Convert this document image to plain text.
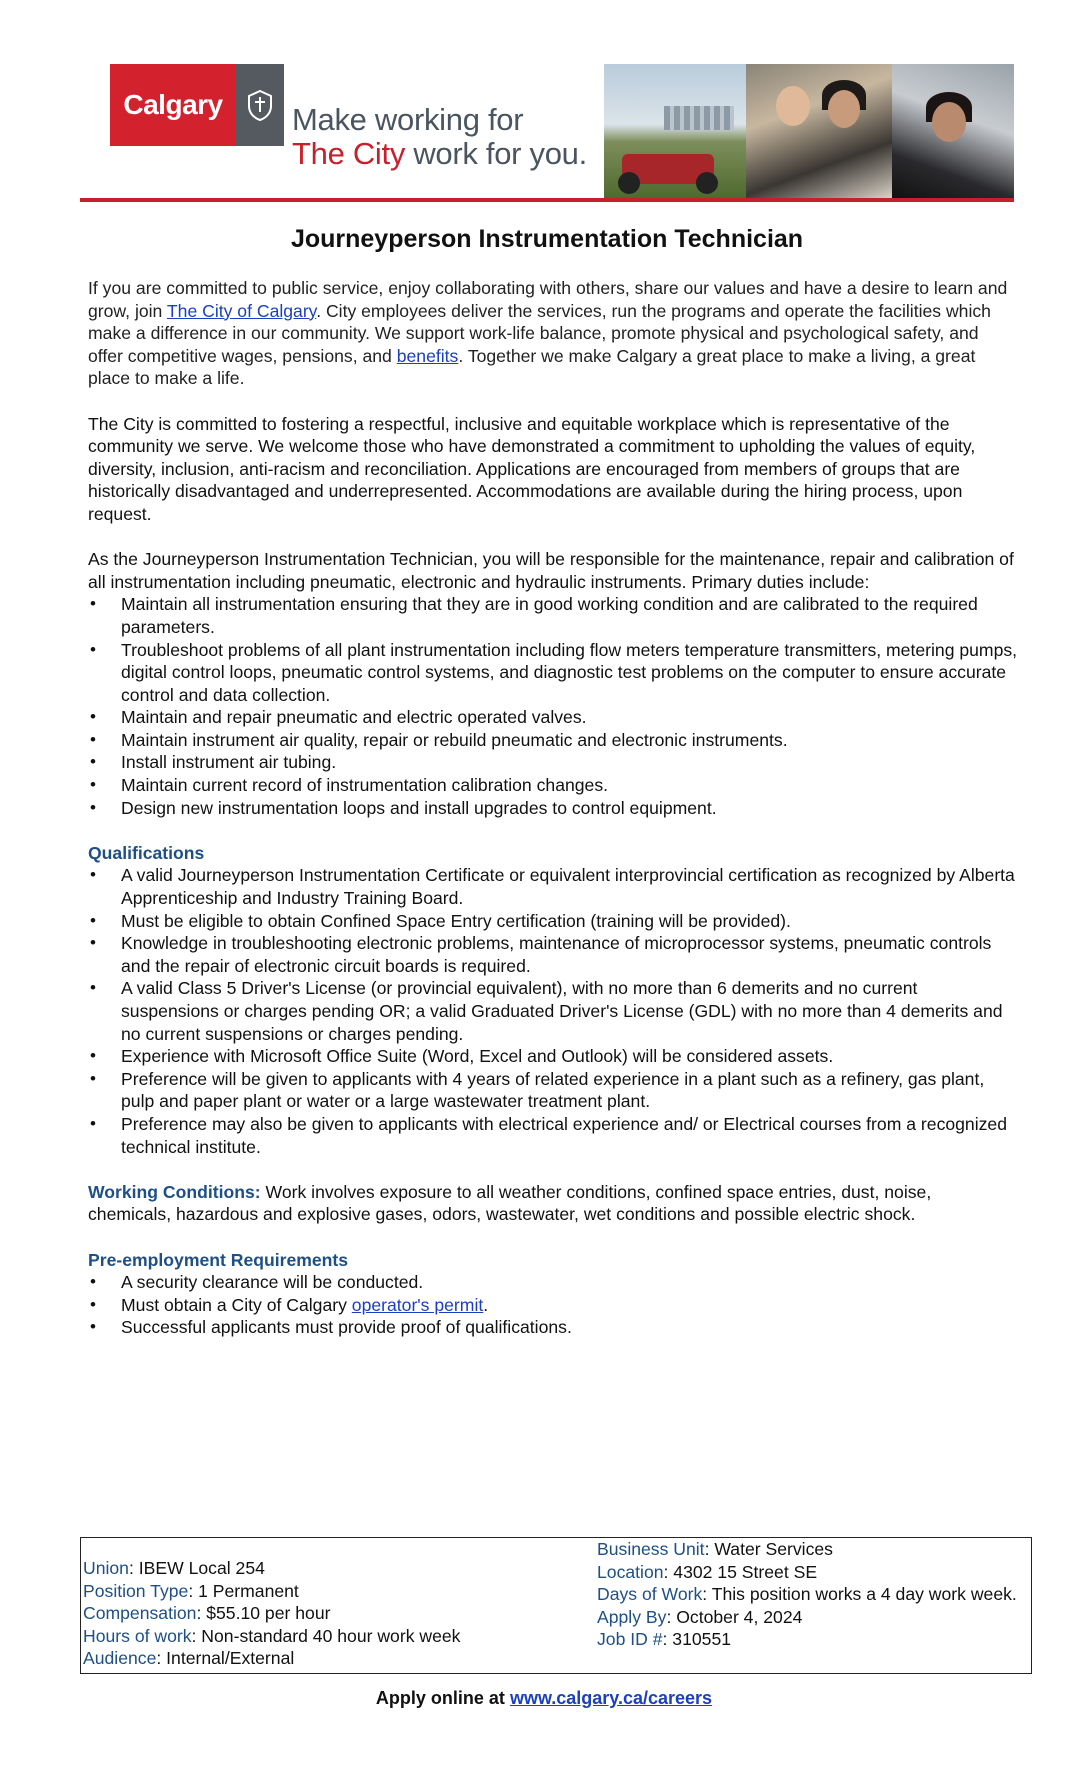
Calgary Make working for
The City work for you.
Journeyperson Instrumentation Technician

If you are committed to public service, enjoy collaborating with others, share our values and have a desire to learn and grow, join The City of Calgary. City employees deliver the services, run the programs and operate the facilities which make a difference in our community. We support work-life balance, promote physical and psychological safety, and offer competitive wages, pensions, and benefits. Together we make Calgary a great place to make a living, a great place to make a life.

The City is committed to fostering a respectful, inclusive and equitable workplace which is representative of the community we serve. We welcome those who have demonstrated a commitment to upholding the values of equity, diversity, inclusion, anti-racism and reconciliation. Applications are encouraged from members of groups that are historically disadvantaged and underrepresented. Accommodations are available during the hiring process, upon request.

As the Journeyperson Instrumentation Technician, you will be responsible for the maintenance, repair and calibration of all instrumentation including pneumatic, electronic and hydraulic instruments. Primary duties include:

• Maintain all instrumentation ensuring that they are in good working condition and are calibrated to the required parameters.
• Troubleshoot problems of all plant instrumentation including flow meters temperature transmitters, metering pumps, digital control loops, pneumatic control systems, and diagnostic test problems on the computer to ensure accurate control and data collection.
• Maintain and repair pneumatic and electric operated valves.
• Maintain instrument air quality, repair or rebuild pneumatic and electronic instruments.
• Install instrument air tubing.
• Maintain current record of instrumentation calibration changes.
• Design new instrumentation loops and install upgrades to control equipment.

Qualifications

• A valid Journeyperson Instrumentation Certificate or equivalent interprovincial certification as recognized by Alberta Apprenticeship and Industry Training Board.
• Must be eligible to obtain Confined Space Entry certification (training will be provided).
• Knowledge in troubleshooting electronic problems, maintenance of microprocessor systems, pneumatic controls and the repair of electronic circuit boards is required.
• A valid Class 5 Driver's License (or provincial equivalent), with no more than 6 demerits and no current suspensions or charges pending OR; a valid Graduated Driver's License (GDL) with no more than 4 demerits and no current suspensions or charges pending.
• Experience with Microsoft Office Suite (Word, Excel and Outlook) will be considered assets.
• Preference will be given to applicants with 4 years of related experience in a plant such as a refinery, gas plant, pulp and paper plant or water or a large wastewater treatment plant.
• Preference may also be given to applicants with electrical experience and/ or Electrical courses from a recognized technical institute.

Working Conditions: Work involves exposure to all weather conditions, confined space entries, dust, noise, chemicals, hazardous and explosive gases, odors, wastewater, wet conditions and possible electric shock.

Pre-employment Requirements

• A security clearance will be conducted.
• Must obtain a City of Calgary operator's permit.
• Successful applicants must provide proof of qualifications.
Union: IBEW Local 254
Position Type: 1 Permanent
Compensation: $55.10 per hour
Hours of work: Non-standard 40 hour work week
Audience: Internal/External
Business Unit: Water Services
Location: 4302 15 Street SE
Days of Work: This position works a 4 day work week.
Apply By: October 4, 2024
Job ID #: 310551
Apply online at www.calgary.ca/careers
